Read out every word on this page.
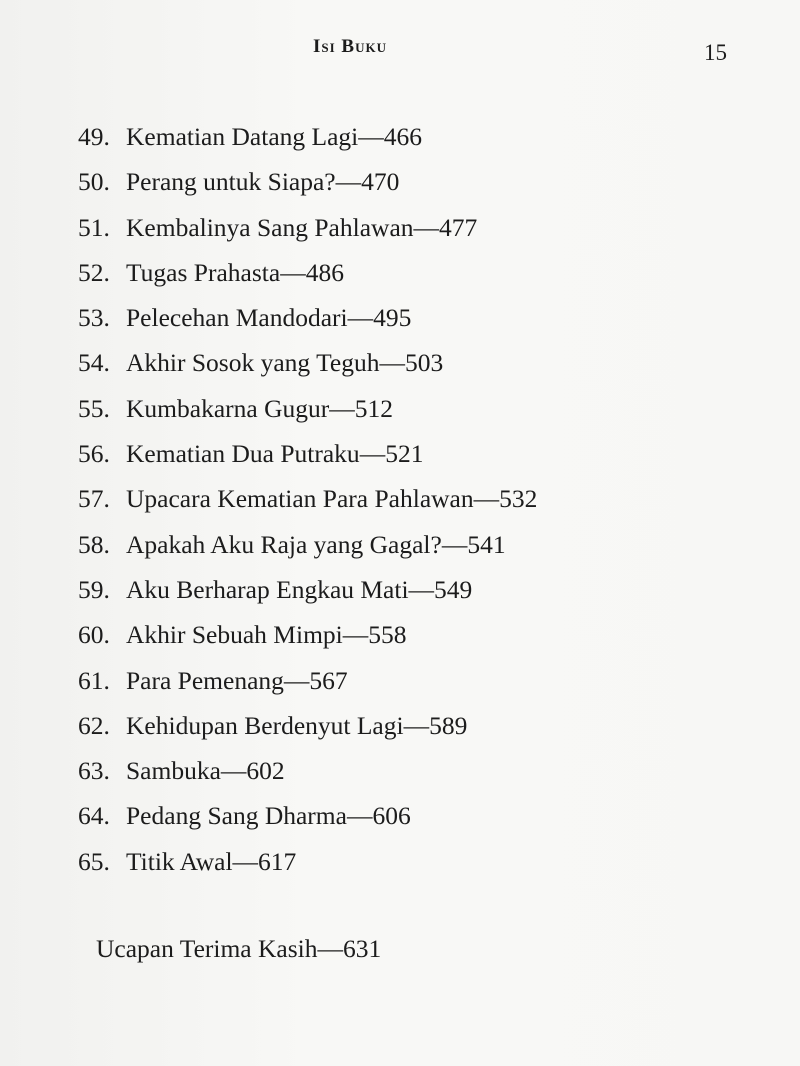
Isi Buku	15
49. Kematian Datang Lagi—466
50. Perang untuk Siapa?—470
51. Kembalinya Sang Pahlawan—477
52. Tugas Prahasta—486
53. Pelecehan Mandodari—495
54. Akhir Sosok yang Teguh—503
55. Kumbakarna Gugur—512
56. Kematian Dua Putraku—521
57. Upacara Kematian Para Pahlawan—532
58. Apakah Aku Raja yang Gagal?—541
59. Aku Berharap Engkau Mati—549
60. Akhir Sebuah Mimpi—558
61. Para Pemenang—567
62. Kehidupan Berdenyut Lagi—589
63. Sambuka—602
64. Pedang Sang Dharma—606
65. Titik Awal—617
Ucapan Terima Kasih—631
